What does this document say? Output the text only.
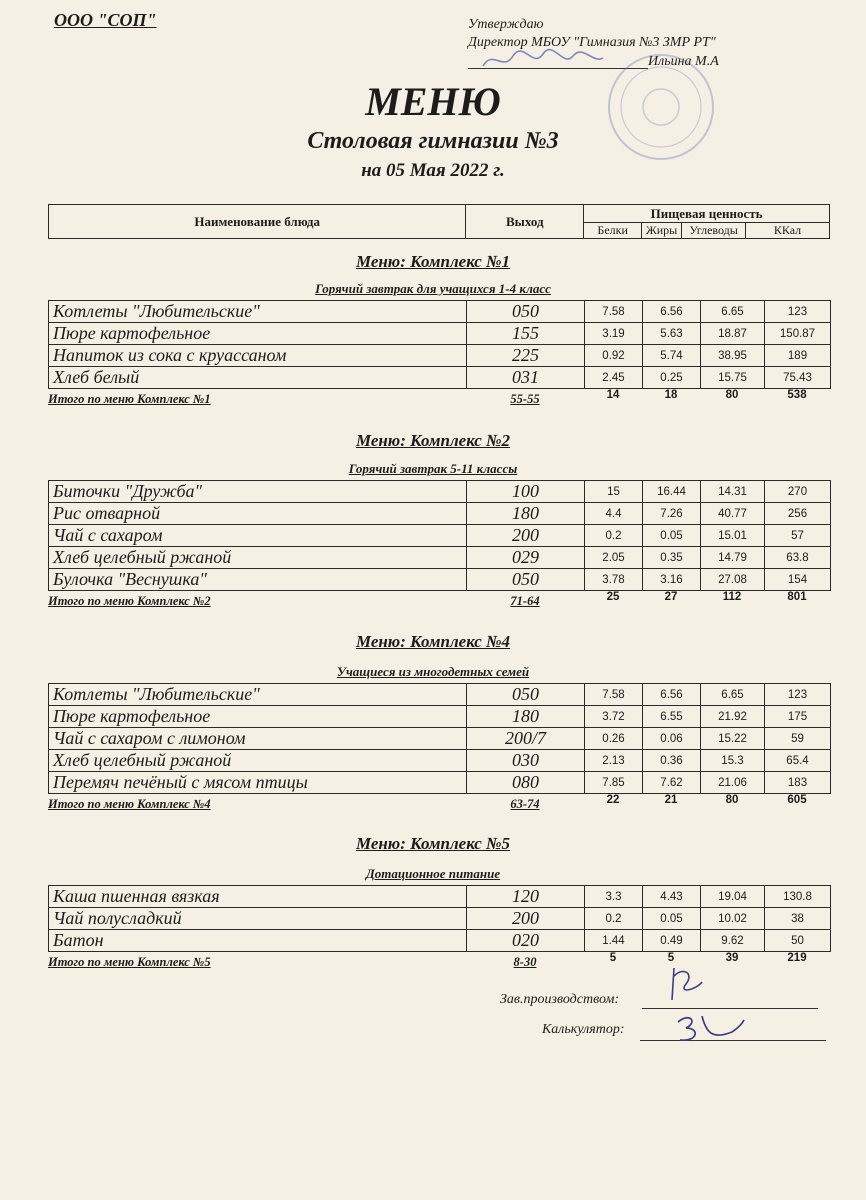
ООО "СОП"	Утверждаю
Директор МБОУ "Гимназия №3 ЗМР РТ"
Ильина М.А
МЕНЮ
Столовая гимназии №3
на 05 Мая 2022 г.
Наименование блюда	Выход	Пищевая ценность			
		Белки	Жиры	Углеводы	ККал
Меню: Комплекс №1
Горячий завтрак для учащихся 1-4 класс
Котлеты "Любительские"	050	7.58	6.56	6.65	123
Пюре картофельное	155	3.19	5.63	18.87	150.87
Напиток из сока с круассаном	225	0.92	5.74	38.95	189
Хлеб белый	031	2.45	0.25	15.75	75.43
Итого по меню Комплекс №1	55-55	14	18	80	538
Меню: Комплекс №2
Горячий завтрак 5-11 классы
Биточки "Дружба"	100	15	16.44	14.31	270
Рис отварной	180	4.4	7.26	40.77	256
Чай с сахаром	200	0.2	0.05	15.01	57
Хлеб целебный ржаной	029	2.05	0.35	14.79	63.8
Булочка "Веснушка"	050	3.78	3.16	27.08	154
Итого по меню Комплекс №2	71-64	25	27	112	801
Меню: Комплекс №4
Учащиеся из многодетных семей
Котлеты "Любительские"	050	7.58	6.56	6.65	123
Пюре картофельное	180	3.72	6.55	21.92	175
Чай с сахаром с лимоном	200/7	0.26	0.06	15.22	59
Хлеб целебный ржаной	030	2.13	0.36	15.3	65.4
Перемяч печёный с мясом птицы	080	7.85	7.62	21.06	183
Итого по меню Комплекс №4	63-74	22	21	80	605
Меню: Комплекс №5
Дотационное питание
Каша пшенная вязкая	120	3.3	4.43	19.04	130.8
Чай полусладкий	200	0.2	0.05	10.02	38
Батон	020	1.44	0.49	9.62	50
Итого по меню Комплекс №5	8-30	5	5	39	219
Зав.производством:
Калькулятор:
